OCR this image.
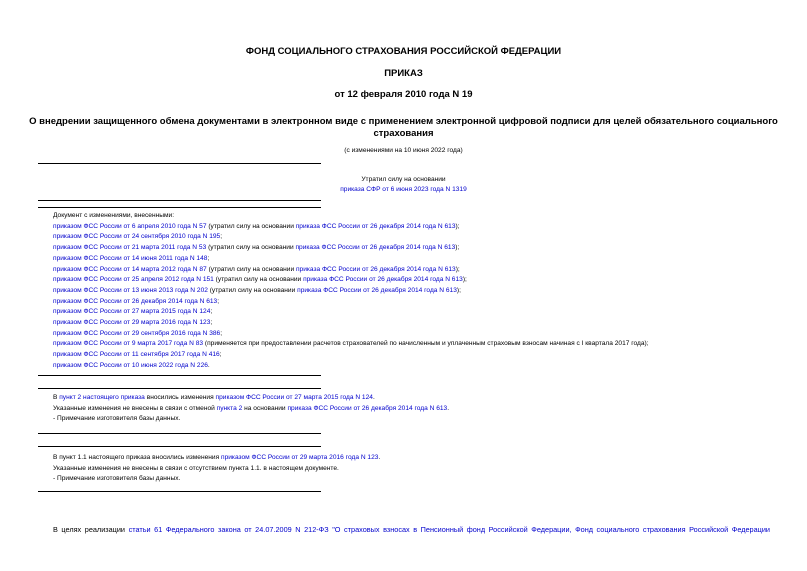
ФОНД СОЦИАЛЬНОГО СТРАХОВАНИЯ РОССИЙСКОЙ ФЕДЕРАЦИИ
ПРИКАЗ
от 12 февраля 2010 года N 19
О внедрении защищенного обмена документами в электронном виде с применением электронной цифровой подписи для целей обязательного социального
страхования
(с изменениями на 10 июня 2022 года)
Утратил силу на основании
приказа СФР от 6 июня 2023 года N 1319
Документ с изменениями, внесенными:
приказом ФСС России от 6 апреля 2010 года N 57 (утратил силу на основании приказа ФСС России от 26 декабря 2014 года N 613);
приказом ФСС России от 24 сентября 2010 года N 195;
приказом ФСС России от 21 марта 2011 года N 53 (утратил силу на основании приказа ФСС России от 26 декабря 2014 года N 613);
приказом ФСС России от 14 июня 2011 года N 148;
приказом ФСС России от 14 марта 2012 года N 87 (утратил силу на основании приказа ФСС России от 26 декабря 2014 года N 613);
приказом ФСС России от 25 апреля 2012 года N 151 (утратил силу на основании приказа ФСС России от 26 декабря 2014 года N 613);
приказом ФСС России от 13 июня 2013 года N 202 (утратил силу на основании приказа ФСС России от 26 декабря 2014 года N 613);
приказом ФСС России от 26 декабря 2014 года N 613;
приказом ФСС России от 27 марта 2015 года N 124;
приказом ФСС России от 29 марта 2016 года N 123;
приказом ФСС России от 29 сентября 2016 года N 386;
приказом ФСС России от 9 марта 2017 года N 83 (применяется при предоставлении расчетов страхователей по начисленным и уплаченным страховым взносам начиная с I квартала 2017 года);
приказом ФСС России от 11 сентября 2017 года N 416;
приказом ФСС России от 10 июня 2022 года N 226.
В пункт 2 настоящего приказа вносились изменения приказом ФСС России от 27 марта 2015 года N 124.
Указанные изменения не внесены в связи с отменой пункта 2 на основании приказа ФСС России от 26 декабря 2014 года N 613.
- Примечание изготовителя базы данных.
В пункт 1.1 настоящего приказа вносились изменения приказом ФСС России от 29 марта 2016 года N 123.
Указанные изменения не внесены в связи с отсутствием пункта 1.1. в настоящем документе.
- Примечание изготовителя базы данных.
В целях реализации статьи 61 Федерального закона от 24.07.2009 N 212-ФЗ "О страховых взносах в Пенсионный фонд Российской Федерации, Фонд социального страхования Российской Федерации
